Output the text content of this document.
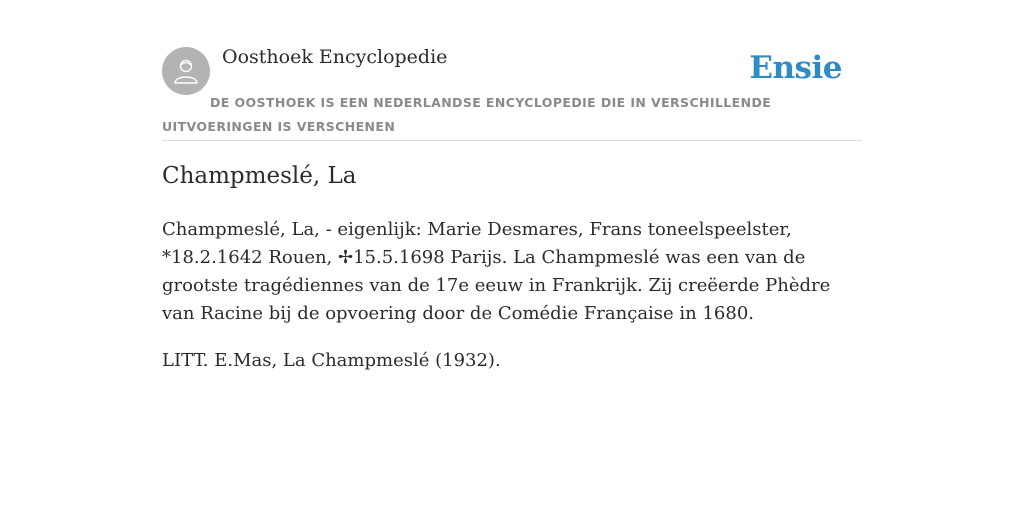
Oosthoek Encyclopedie	Ensie
DE OOSTHOEK IS EEN NEDERLANDSE ENCYCLOPEDIE DIE IN VERSCHILLENDE UITVOERINGEN IS VERSCHENEN
Champmeslé, La

Champmeslé, La, - eigenlijk: Marie Desmares, Frans toneelspeelster, *18.2.1642 Rouen, ✢15.5.1698 Parijs. La Champmeslé was een van de grootste tragédiennes van de 17e eeuw in Frankrijk. Zij creëerde Phèdre van Racine bij de opvoering door de Comédie Française in 1680.

LITT. E.Mas, La Champmeslé (1932).
